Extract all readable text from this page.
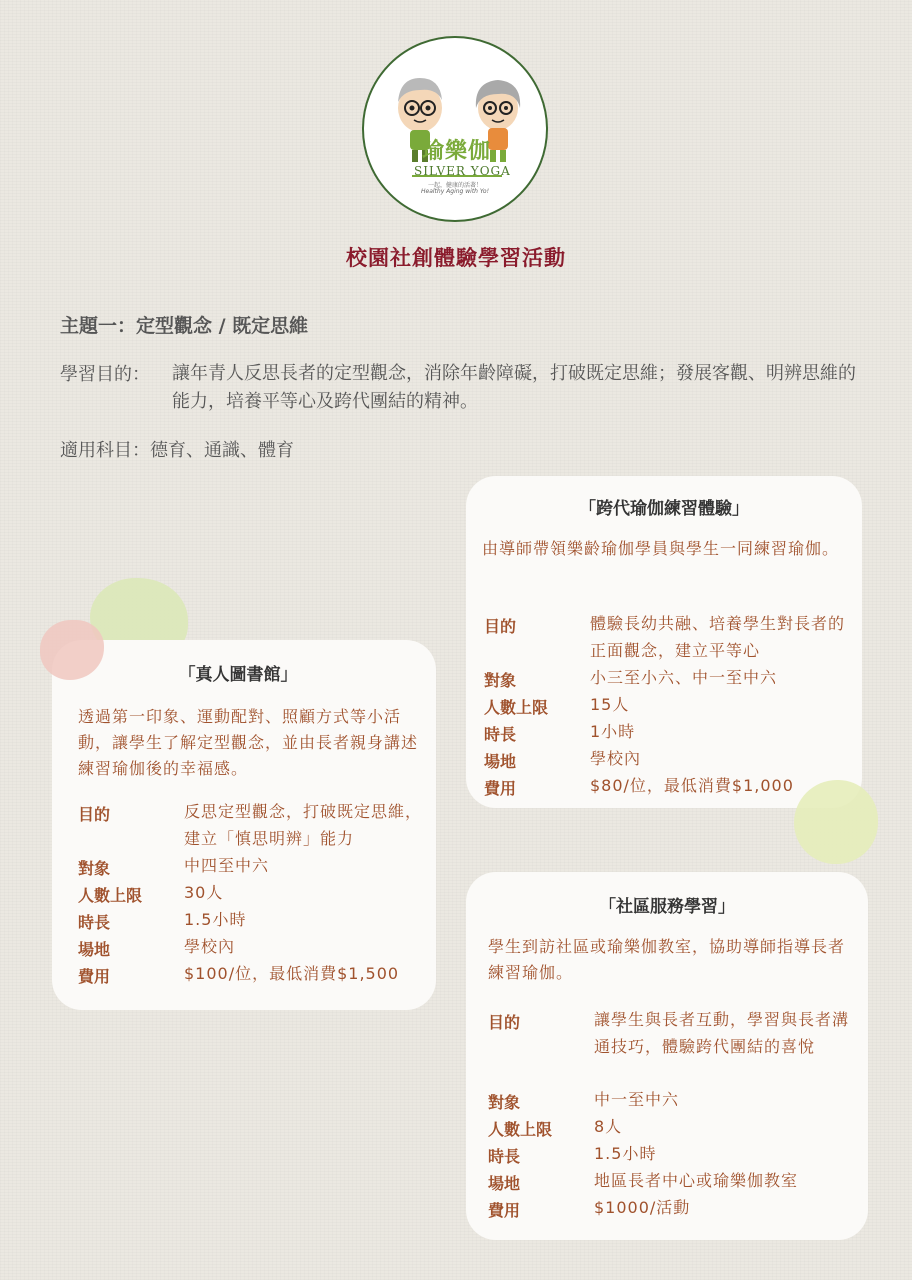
瑜樂伽
SILVER YOGA
一起，健康的活著！
Healthy Aging with Yo!
校園社創體驗學習活動
主題一：定型觀念 / 既定思維
學習目的： 讓年青人反思長者的定型觀念，消除年齡障礙，打破既定思維；發展客觀、明辨思維的能力，培養平等心及跨代團結的精神。
適用科目：德育、通識、體育
「真人圖書館」
透過第一印象、運動配對、照顧方式等小活動，讓學生了解定型觀念，並由長者親身講述練習瑜伽後的幸福感。
目的	反思定型觀念，打破既定思維，建立「慎思明辨」能力
對象	中四至中六
人數上限	30人
時長	1.5小時
場地	學校內
費用	$100/位，最低消費$1,500
「跨代瑜伽練習體驗」
由導師帶領樂齡瑜伽學員與學生一同練習瑜伽。
目的	體驗長幼共融、培養學生對長者的正面觀念，建立平等心
對象	小三至小六、中一至中六
人數上限	15人
時長	1小時
場地	學校內
費用	$80/位，最低消費$1,000
「社區服務學習」
學生到訪社區或瑜樂伽教室，協助導師指導長者練習瑜伽。
目的	讓學生與長者互動，學習與長者溝通技巧，體驗跨代團結的喜悅
對象	中一至中六
人數上限	8人
時長	1.5小時
場地	地區長者中心或瑜樂伽教室
費用	$1000/活動
